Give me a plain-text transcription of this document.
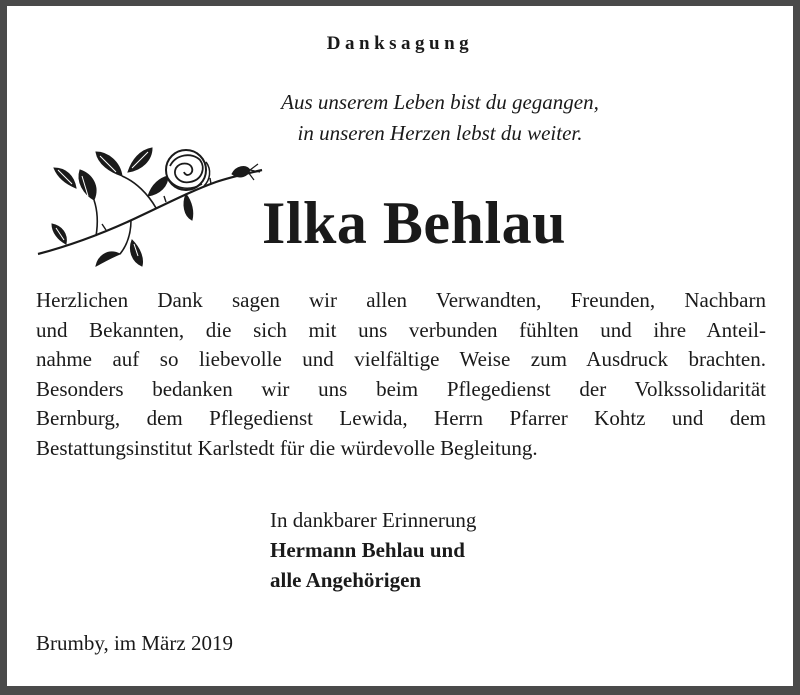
Danksagung
Aus unserem Leben bist du gegangen,
in unseren Herzen lebst du weiter.
Ilka Behlau
Herzlichen Dank sagen wir allen Verwandten, Freunden, Nachbarn
und Bekannten, die sich mit uns verbunden fühlten und ihre Anteil-
nahme auf so liebevolle und vielfältige Weise zum Ausdruck brachten.
Besonders bedanken wir uns beim Pflegedienst der Volkssolidarität
Bernburg, dem Pflegedienst Lewida, Herrn Pfarrer Kohtz und dem
Bestattungsinstitut Karlstedt für die würdevolle Begleitung.
In dankbarer Erinnerung
Hermann Behlau und
alle Angehörigen
Brumby, im März 2019
